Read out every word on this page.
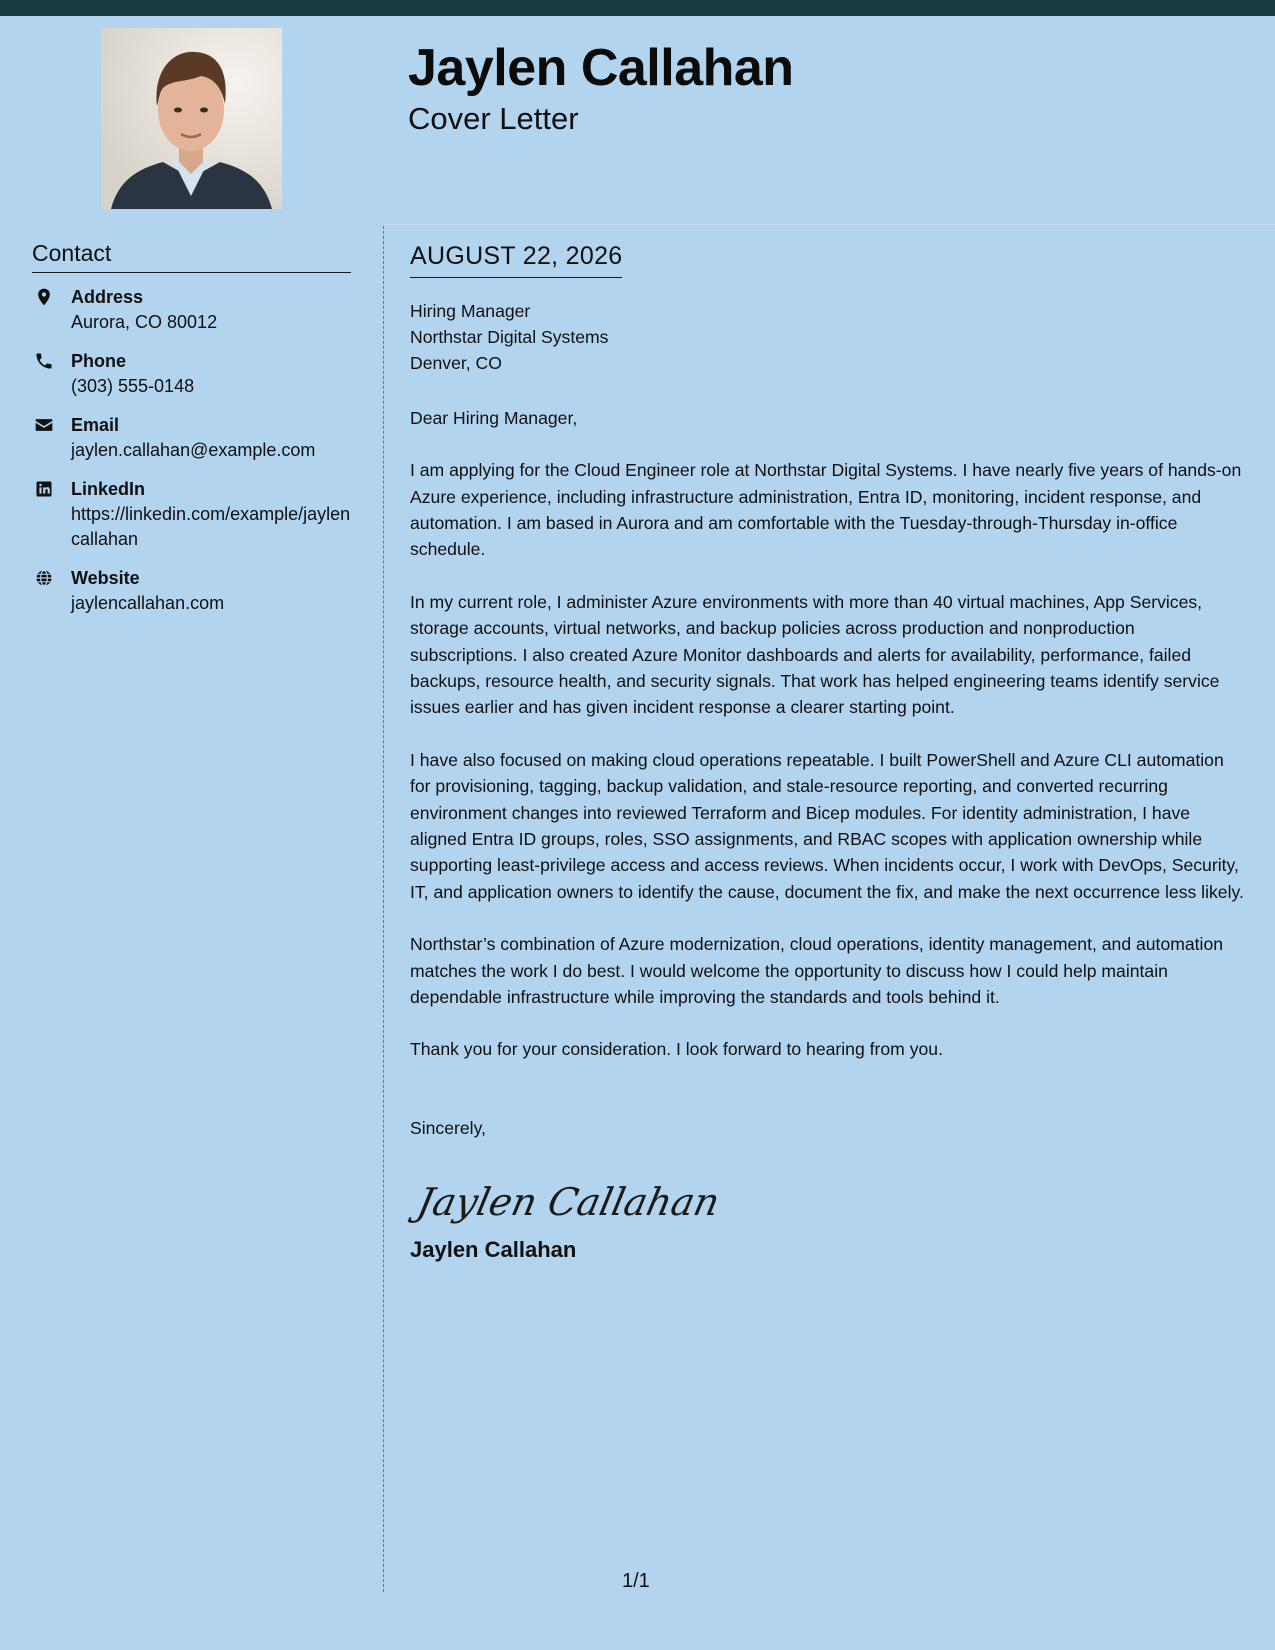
Jaylen Callahan
Cover Letter
Contact
Address
Aurora, CO 80012
Phone
(303) 555-0148
Email
jaylen.callahan@example.com
LinkedIn
https://linkedin.com/example/jaylencallahan
Website
jaylencallahan.com
AUGUST 22, 2026
Hiring Manager
Northstar Digital Systems
Denver, CO

Dear Hiring Manager,

I am applying for the Cloud Engineer role at Northstar Digital Systems. I have nearly five years of hands-on Azure experience, including infrastructure administration, Entra ID, monitoring, incident response, and automation. I am based in Aurora and am comfortable with the Tuesday-through-Thursday in-office schedule.

In my current role, I administer Azure environments with more than 40 virtual machines, App Services, storage accounts, virtual networks, and backup policies across production and nonproduction subscriptions. I also created Azure Monitor dashboards and alerts for availability, performance, failed backups, resource health, and security signals. That work has helped engineering teams identify service issues earlier and has given incident response a clearer starting point.

I have also focused on making cloud operations repeatable. I built PowerShell and Azure CLI automation for provisioning, tagging, backup validation, and stale-resource reporting, and converted recurring environment changes into reviewed Terraform and Bicep modules. For identity administration, I have aligned Entra ID groups, roles, SSO assignments, and RBAC scopes with application ownership while supporting least-privilege access and access reviews. When incidents occur, I work with DevOps, Security, IT, and application owners to identify the cause, document the fix, and make the next occurrence less likely.

Northstar’s combination of Azure modernization, cloud operations, identity management, and automation matches the work I do best. I would welcome the opportunity to discuss how I could help maintain dependable infrastructure while improving the standards and tools behind it.

Thank you for your consideration. I look forward to hearing from you.

Sincerely,

Jaylen Callahan
Jaylen Callahan
1/1
